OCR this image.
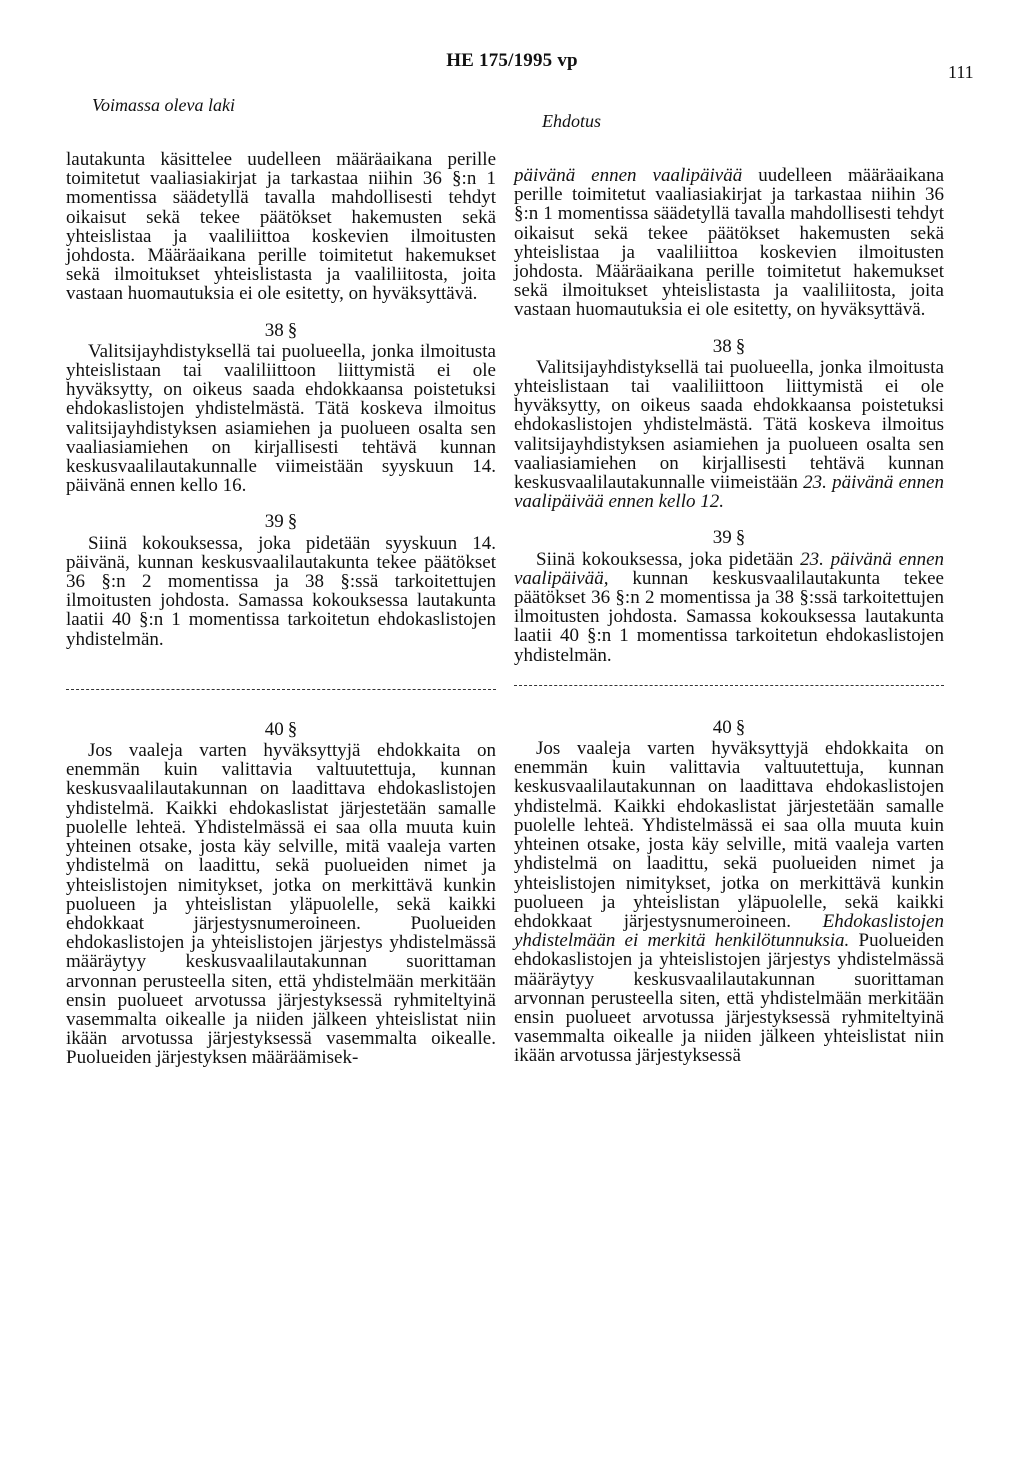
HE 175/1995 vp
111
Voimassa oleva laki
Ehdotus

lautakunta käsittelee uudelleen määräaikana perille toimitetut vaaliasiakirjat ja tarkastaa niihin 36 §:n 1 momentissa säädetyllä tavalla mahdollisesti tehdyt oikaisut sekä tekee päätökset hakemusten sekä yhteislistaa ja vaaliliittoa koskevien ilmoitusten johdosta. Määräaikana perille toimitetut hakemukset sekä ilmoitukset yhteislistasta ja vaaliliitosta, joita vastaan huomautuksia ei ole esitetty, on hyväksyttävä.

38 §

Valitsijayhdistyksellä tai puolueella, jonka ilmoitusta yhteislistaan tai vaaliliittoon liittymistä ei ole hyväksytty, on oikeus saada ehdokkaansa poistetuksi ehdokaslistojen yhdistelmästä. Tätä koskeva ilmoitus valitsijayhdistyksen asiamiehen ja puolueen osalta sen vaaliasiamiehen on kirjallisesti tehtävä kunnan keskusvaalilautakunnalle viimeistään syyskuun 14. päivänä ennen kello 16.

39 §

Siinä kokouksessa, joka pidetään syyskuun 14. päivänä, kunnan keskusvaalilautakunta tekee päätökset 36 §:n 2 momentissa ja 38 §:ssä tarkoitettujen ilmoitusten johdosta. Samassa kokouksessa lautakunta laatii 40 §:n 1 momentissa tarkoitetun ehdokaslistojen yhdistelmän.

40 §

Jos vaaleja varten hyväksyttyjä ehdokkaita on enemmän kuin valittavia valtuutettuja, kunnan keskusvaalilautakunnan on laadittava ehdokaslistojen yhdistelmä. Kaikki ehdokaslistat järjestetään samalle puolelle lehteä. Yhdistelmässä ei saa olla muuta kuin yhteinen otsake, josta käy selville, mitä vaaleja varten yhdistelmä on laadittu, sekä puolueiden nimet ja yhteislistojen nimitykset, jotka on merkittävä kunkin puolueen ja yhteislistan yläpuolelle, sekä kaikki ehdokkaat järjestysnumeroineen. Puolueiden ehdokaslistojen ja yhteislistojen järjestys yhdistelmässä määräytyy keskusvaalilautakunnan suorittaman arvonnan perusteella siten, että yhdistelmään merkitään ensin puolueet arvotussa järjestyksessä ryhmiteltyinä vasemmalta oikealle ja niiden jälkeen yhteislistat niin ikään arvotussa järjestyksessä vasemmalta oikealle. Puolueiden järjestyksen määräämisek-

päivänä ennen vaalipäivää uudelleen määräaikana perille toimitetut vaaliasiakirjat ja tarkastaa niihin 36 §:n 1 momentissa säädetyllä tavalla mahdollisesti tehdyt oikaisut sekä tekee päätökset hakemusten sekä yhteislistaa ja vaaliliittoa koskevien ilmoitusten johdosta. Määräaikana perille toimitetut hakemukset sekä ilmoitukset yhteislistasta ja vaaliliitosta, joita vastaan huomautuksia ei ole esitetty, on hyväksyttävä.

38 §

Valitsijayhdistyksellä tai puolueella, jonka ilmoitusta yhteislistaan tai vaaliliittoon liittymistä ei ole hyväksytty, on oikeus saada ehdokkaansa poistetuksi ehdokaslistojen yhdistelmästä. Tätä koskeva ilmoitus valitsijayhdistyksen asiamiehen ja puolueen osalta sen vaaliasiamiehen on kirjallisesti tehtävä kunnan keskusvaalilautakunnalle viimeistään 23. päivänä ennen vaalipäivää ennen kello 12.

39 §

Siinä kokouksessa, joka pidetään 23. päivänä ennen vaalipäivää, kunnan keskusvaalilautakunta tekee päätökset 36 §:n 2 momentissa ja 38 §:ssä tarkoitettujen ilmoitusten johdosta. Samassa kokouksessa lautakunta laatii 40 §:n 1 momentissa tarkoitetun ehdokaslistojen yhdistelmän.

40 §

Jos vaaleja varten hyväksyttyjä ehdokkaita on enemmän kuin valittavia valtuutettuja, kunnan keskusvaalilautakunnan on laadittava ehdokaslistojen yhdistelmä. Kaikki ehdokaslistat järjestetään samalle puolelle lehteä. Yhdistelmässä ei saa olla muuta kuin yhteinen otsake, josta käy selville, mitä vaaleja varten yhdistelmä on laadittu, sekä puolueiden nimet ja yhteislistojen nimitykset, jotka on merkittävä kunkin puolueen ja yhteislistan yläpuolelle, sekä kaikki ehdokkaat järjestysnumeroineen. Ehdokaslistojen yhdistelmään ei merkitä henkilötunnuksia. Puolueiden ehdokaslistojen ja yhteislistojen järjestys yhdistelmässä määräytyy keskusvaalilautakunnan suorittaman arvonnan perusteella siten, että yhdistelmään merkitään ensin puolueet arvotussa järjestyksessä ryhmiteltyinä vasemmalta oikealle ja niiden jälkeen yhteislistat niin ikään arvotussa järjestyksessä
